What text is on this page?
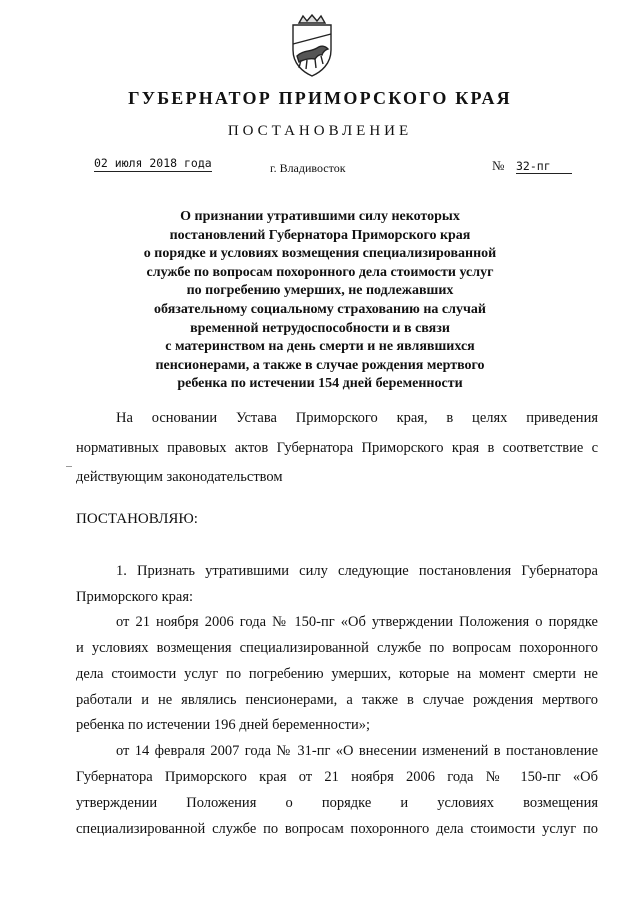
ГУБЕРНАТОР ПРИМОРСКОГО КРАЯ
ПОСТАНОВЛЕНИЕ
02 июля 2018 года	г. Владивосток	№ 32-пг
О признании утратившими силу некоторых
постановлений Губернатора Приморского края
о порядке и условиях возмещения специализированной
службе по вопросам похоронного дела стоимости услуг
по погребению умерших, не подлежавших
обязательному социальному страхованию на случай
временной нетрудоспособности и в связи
с материнством на день смерти и не являвшихся
пенсионерами, а также в случае рождения мертвого
ребенка по истечении 154 дней беременности
На основании Устава Приморского края, в целях приведения
нормативных правовых актов Губернатора Приморского края в соответствие с
действующим законодательством
ПОСТАНОВЛЯЮ:
1. Признать утратившими силу следующие постановления Губернатора
Приморского края:
от 21 ноября 2006 года № 150-пг «Об утверждении Положения о порядке
и условиях возмещения специализированной службе по вопросам похоронного
дела стоимости услуг по погребению умерших, которые на момент смерти не
работали и не являлись пенсионерами, а также в случае рождения мертвого
ребенка по истечении 196 дней беременности»;
от 14 февраля 2007 года № 31-пг «О внесении изменений в постановление
Губернатора Приморского края от 21 ноября 2006 года № 150-пг «Об
утверждении Положения о порядке и условиях возмещения
специализированной службе по вопросам похоронного дела стоимости услуг по
